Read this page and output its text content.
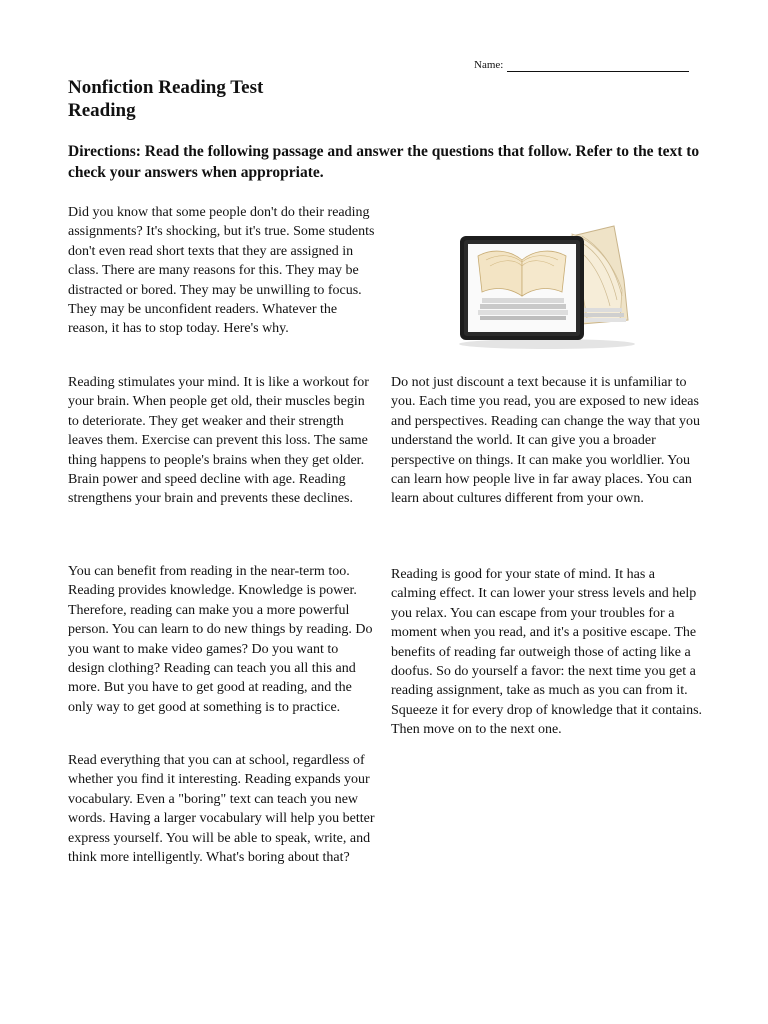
Name:
Nonfiction Reading Test
Reading
Directions: Read the following passage and answer the questions that follow. Refer to the text to check your answers when appropriate.

Did you know that some people don't do their reading assignments? It's shocking, but it's true. Some students don't even read short texts that they are assigned in class. There are many reasons for this. They may be distracted or bored. They may be unwilling to focus. They may be unconfident readers. Whatever the reason, it has to stop today. Here's why.

Reading stimulates your mind. It is like a workout for your brain. When people get old, their muscles begin to deteriorate. They get weaker and their strength leaves them. Exercise can prevent this loss. The same thing happens to people's brains when they get older. Brain power and speed decline with age. Reading strengthens your brain and prevents these declines.

You can benefit from reading in the near-term too. Reading provides knowledge. Knowledge is power. Therefore, reading can make you a more powerful person. You can learn to do new things by reading. Do you want to make video games? Do you want to design clothing? Reading can teach you all this and more. But you have to get good at reading, and the only way to get good at something is to practice.

Read everything that you can at school, regardless of whether you find it interesting. Reading expands your vocabulary. Even a "boring" text can teach you new words. Having a larger vocabulary will help you better express yourself. You will be able to speak, write, and think more intelligently. What's boring about that?

Do not just discount a text because it is unfamiliar to you. Each time you read, you are exposed to new ideas and perspectives. Reading can change the way that you understand the world. It can give you a broader perspective on things. It can make you worldlier. You can learn how people live in far away places. You can learn about cultures different from your own.

Reading is good for your state of mind. It has a calming effect. It can lower your stress levels and help you relax. You can escape from your troubles for a moment when you read, and it's a positive escape. The benefits of reading far outweigh those of acting like a doofus. So do yourself a favor: the next time you get a reading assignment, take as much as you can from it. Squeeze it for every drop of knowledge that it contains. Then move on to the next one.
